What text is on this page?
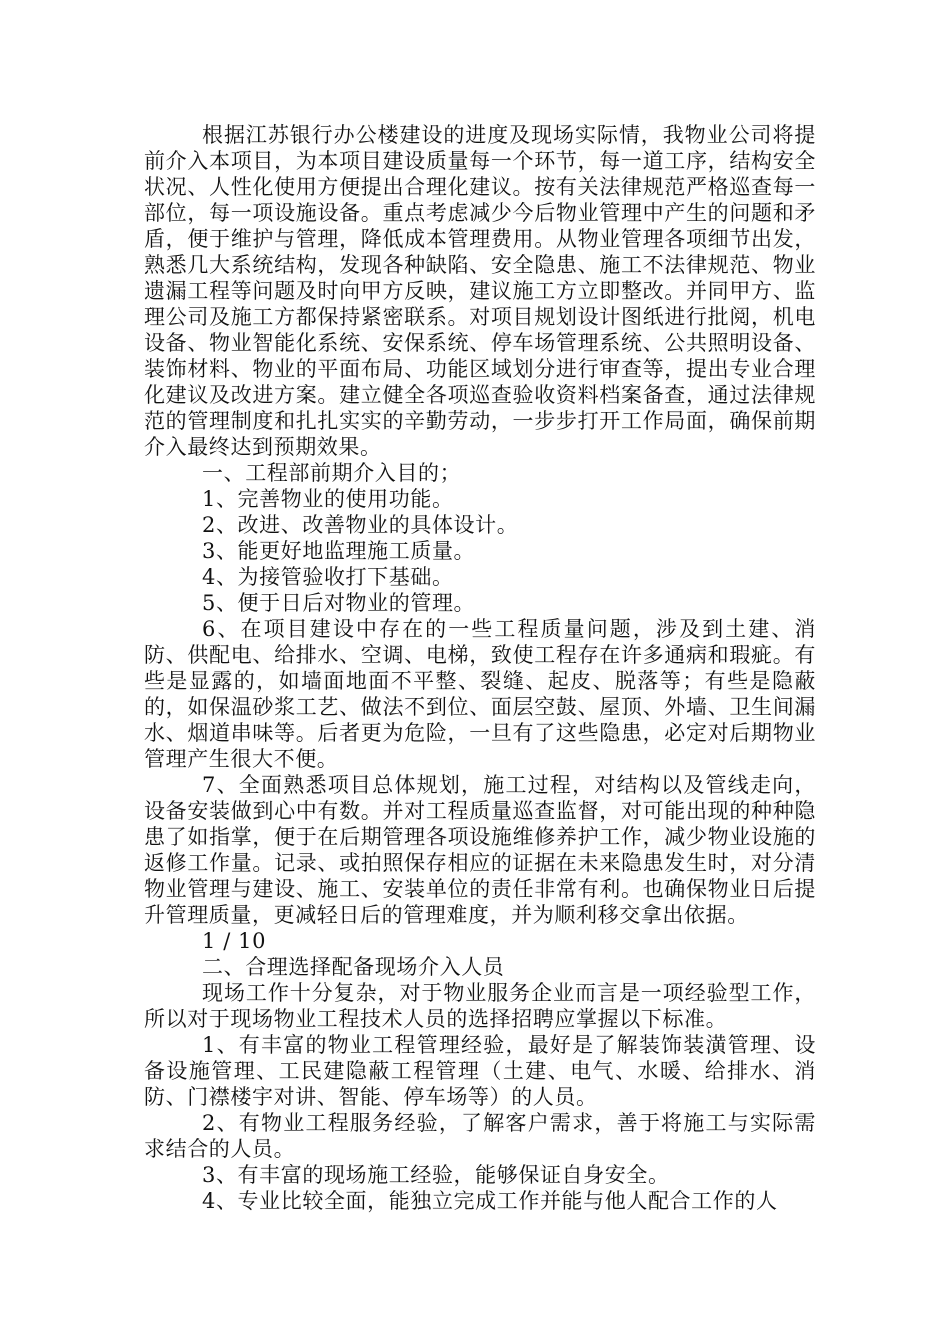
根据江苏银行办公楼建设的进度及现场实际情，我物业公司将提前介入本项目，为本项目建设质量每一个环节，每一道工序，结构安全状况、人性化使用方便提出合理化建议。按有关法律规范严格巡查每一部位，每一项设施设备。重点考虑减少今后物业管理中产生的问题和矛盾，便于维护与管理，降低成本管理费用。从物业管理各项细节出发，熟悉几大系统结构，发现各种缺陷、安全隐患、施工不法律规范、物业遗漏工程等问题及时向甲方反映，建议施工方立即整改。并同甲方、监理公司及施工方都保持紧密联系。对项目规划设计图纸进行批阅，机电设备、物业智能化系统、安保系统、停车场管理系统、公共照明设备、装饰材料、物业的平面布局、功能区域划分进行审查等，提出专业合理化建议及改进方案。建立健全各项巡查验收资料档案备查，通过法律规范的管理制度和扎扎实实的辛勤劳动，一步步打开工作局面，确保前期介入最终达到预期效果。

一、工程部前期介入目的；

1、完善物业的使用功能。

2、改进、改善物业的具体设计。

3、能更好地监理施工质量。

4、为接管验收打下基础。

5、便于日后对物业的管理。

6、在项目建设中存在的一些工程质量问题，涉及到土建、消防、供配电、给排水、空调、电梯，致使工程存在许多通病和瑕疵。有些是显露的，如墙面地面不平整、裂缝、起皮、脱落等；有些是隐蔽的，如保温砂浆工艺、做法不到位、面层空鼓、屋顶、外墙、卫生间漏水、烟道串味等。后者更为危险，一旦有了这些隐患，必定对后期物业管理产生很大不便。

7、全面熟悉项目总体规划，施工过程，对结构以及管线走向，设备安装做到心中有数。并对工程质量巡查监督，对可能出现的种种隐患了如指掌，便于在后期管理各项设施维修养护工作，减少物业设施的返修工作量。记录、或拍照保存相应的证据在未来隐患发生时，对分清物业管理与建设、施工、安装单位的责任非常有利。也确保物业日后提升管理质量，更减轻日后的管理难度，并为顺利移交拿出依据。

1 / 10

二、合理选择配备现场介入人员

现场工作十分复杂，对于物业服务企业而言是一项经验型工作，所以对于现场物业工程技术人员的选择招聘应掌握以下标准。

1、有丰富的物业工程管理经验，最好是了解装饰装潢管理、设备设施管理、工民建隐蔽工程管理（土建、电气、水暖、给排水、消防、门襟楼宇对讲、智能、停车场等）的人员。

2、有物业工程服务经验，了解客户需求，善于将施工与实际需求结合的人员。

3、有丰富的现场施工经验，能够保证自身安全。

4、专业比较全面，能独立完成工作并能与他人配合工作的人
